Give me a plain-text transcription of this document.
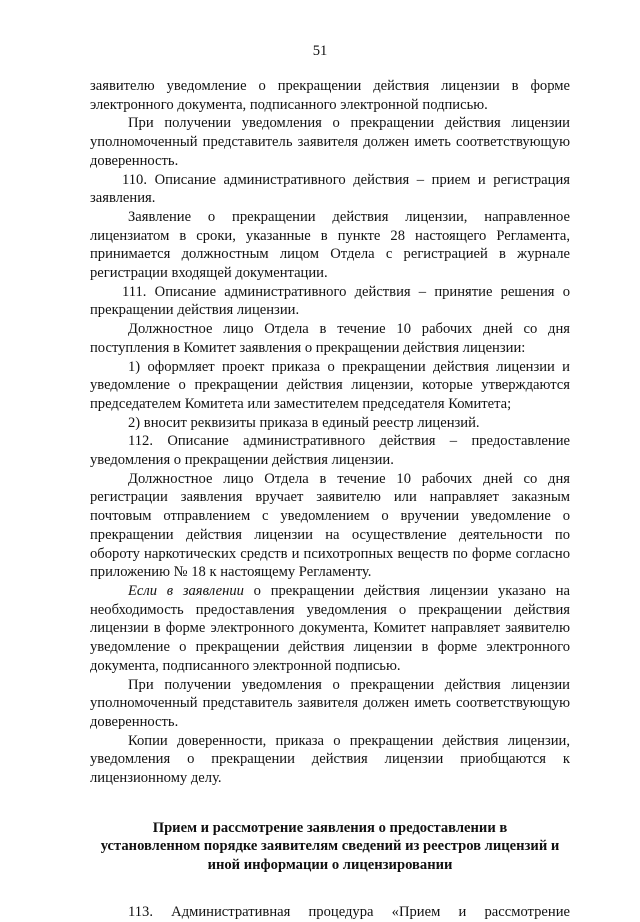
51

заявителю уведомление о прекращении действия лицензии в форме электронного документа, подписанного электронной подписью.

При получении уведомления о прекращении действия лицензии уполномоченный представитель заявителя должен иметь соответствующую доверенность.

110. Описание административного действия – прием и регистрация заявления.

Заявление о прекращении действия лицензии, направленное лицензиатом в сроки, указанные в пункте 28 настоящего Регламента, принимается должностным лицом Отдела с регистрацией в журнале регистрации входящей документации.

111. Описание административного действия – принятие решения о прекращении действия лицензии.

Должностное лицо Отдела в течение 10 рабочих дней со дня поступления в Комитет заявления о прекращении действия лицензии:

1) оформляет проект приказа о прекращении действия лицензии и уведомление о прекращении действия лицензии, которые утверждаются председателем Комитета или заместителем председателя Комитета;

2) вносит реквизиты приказа в единый реестр лицензий.

112. Описание административного действия – предоставление уведомления о прекращении действия лицензии.

Должностное лицо Отдела в течение 10 рабочих дней со дня регистрации заявления вручает заявителю или направляет заказным почтовым отправлением с уведомлением о вручении уведомление о прекращении действия лицензии на осуществление деятельности по обороту наркотических средств и психотропных веществ по форме согласно приложению № 18 к настоящему Регламенту.

Если в заявлении о прекращении действия лицензии указано на необходимость предоставления уведомления о прекращении действия лицензии в форме электронного документа, Комитет направляет заявителю уведомление о прекращении действия лицензии в форме электронного документа, подписанного электронной подписью.

При получении уведомления о прекращении действия лицензии уполномоченный представитель заявителя должен иметь соответствующую доверенность.

Копии доверенности, приказа о прекращении действия лицензии, уведомления о прекращении действия лицензии приобщаются к лицензионному делу.

Прием и рассмотрение заявления о предоставлении в
установленном порядке заявителям сведений из реестров лицензий и
иной информации о лицензировании

113. Административная процедура «Прием и рассмотрение
